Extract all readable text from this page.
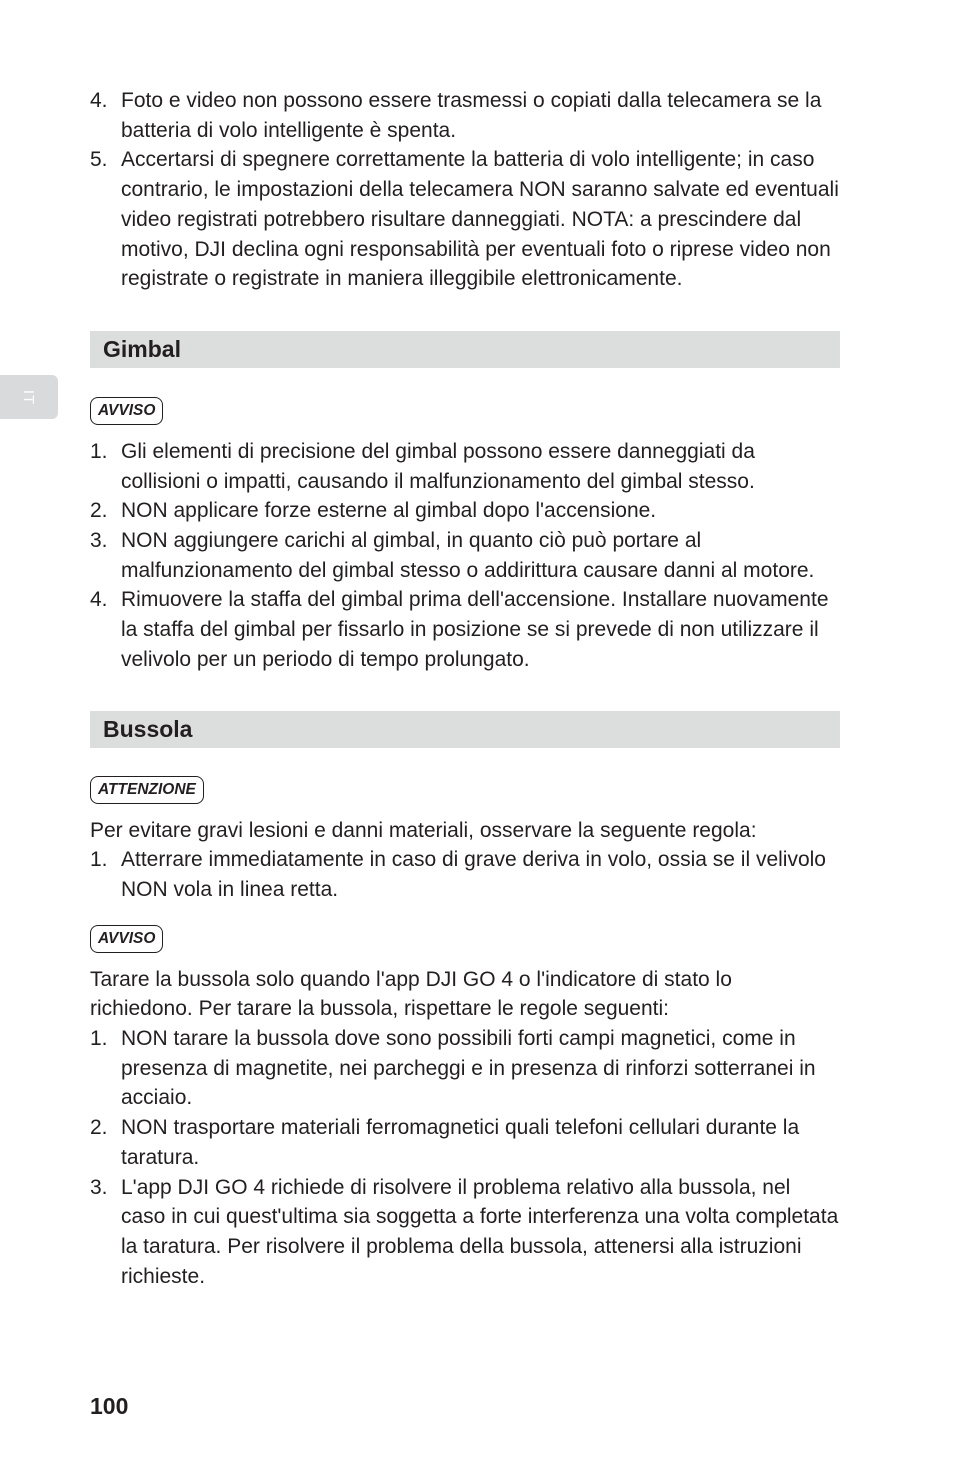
IT
4. Foto e video non possono essere trasmessi o copiati dalla telecamera se la batteria di volo intelligente è spenta.
5. Accertarsi di spegnere correttamente la batteria di volo intelligente; in caso contrario, le impostazioni della telecamera NON saranno salvate ed eventuali video registrati potrebbero risultare danneggiati. NOTA: a prescindere dal motivo, DJI declina ogni responsabilità per eventuali foto o riprese video non registrate o registrate in maniera illeggibile elettronicamente.
Gimbal
AVVISO
1. Gli elementi di precisione del gimbal possono essere danneggiati da collisioni o impatti, causando il malfunzionamento del gimbal stesso.
2. NON applicare forze esterne al gimbal dopo l'accensione.
3. NON aggiungere carichi al gimbal, in quanto ciò può portare al malfunzionamento del gimbal stesso o addirittura causare danni al motore.
4. Rimuovere la staffa del gimbal prima dell'accensione. Installare nuovamente la staffa del gimbal per fissarlo in posizione se si prevede di non utilizzare il velivolo per un periodo di tempo prolungato.
Bussola
ATTENZIONE

Per evitare gravi lesioni e danni materiali, osservare la seguente regola:

1. Atterrare immediatamente in caso di grave deriva in volo, ossia se il velivolo NON vola in linea retta.
AVVISO

Tarare la bussola solo quando l'app DJI GO 4 o l'indicatore di stato lo richiedono. Per tarare la bussola, rispettare le regole seguenti:

1. NON tarare la bussola dove sono possibili forti campi magnetici, come in presenza di magnetite, nei parcheggi e in presenza di rinforzi sotterranei in acciaio.
2. NON trasportare materiali ferromagnetici quali telefoni cellulari durante la taratura.
3. L'app DJI GO 4 richiede di risolvere il problema relativo alla bussola, nel caso in cui quest'ultima sia soggetta a forte interferenza una volta completata la taratura. Per risolvere il problema della bussola, attenersi alla istruzioni richieste.
100
